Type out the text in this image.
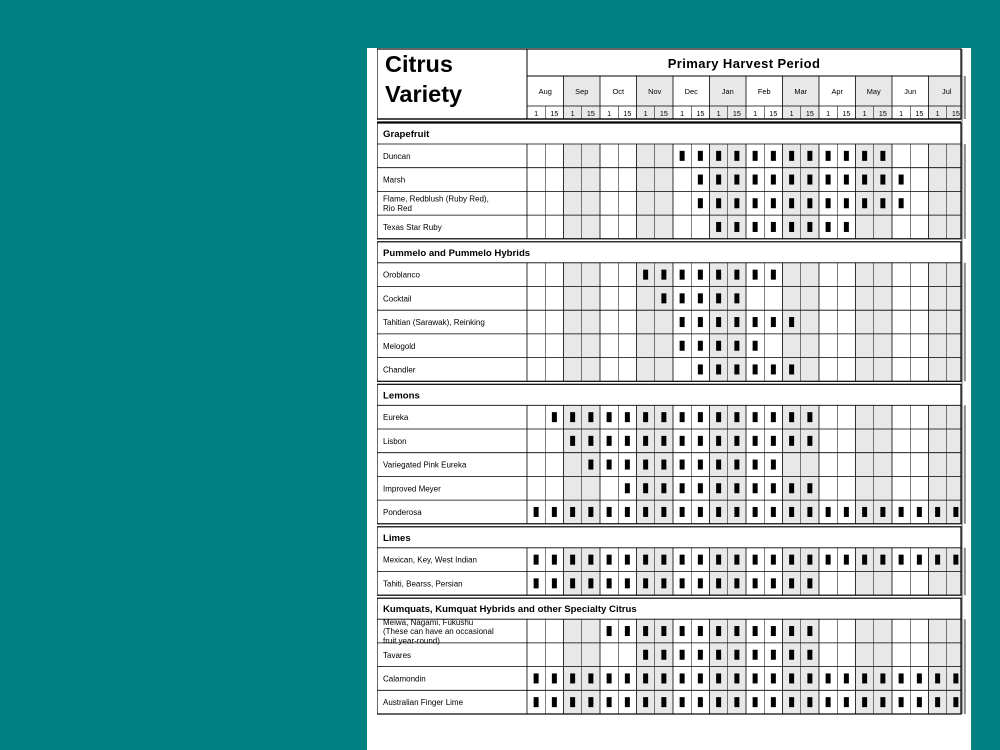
Citrus
Variety
Primary Harvest Period
Aug
1 15
Sep
1 15
Oct
1 15
Nov
1 15
Dec
1 15
Jan
1 15
Feb
1 15
Mar
1 15
Apr
1 15
May
1 15
Jun
1 15
Jul
1 15
Grapefruit
Duncan
Marsh
Flame, Redblush (Ruby Red),
Rio Red
Texas Star Ruby
Pummelo and Pummelo Hybrids
Oroblanco
Cocktail
Tahitian (Sarawak), Reinking
Melogold
Chandler
Lemons
Eureka
Lisbon
Variegated Pink Eureka
Improved Meyer
Ponderosa
Limes
Mexican, Key, West Indian
Tahiti, Bearss, Persian
Kumquats, Kumquat Hybrids and other Specialty Citrus
Meiwa, Nagami, Fukushu
(These can have an occasional
fruit year-round)
Tavares
Calamondin
Australian Finger Lime
